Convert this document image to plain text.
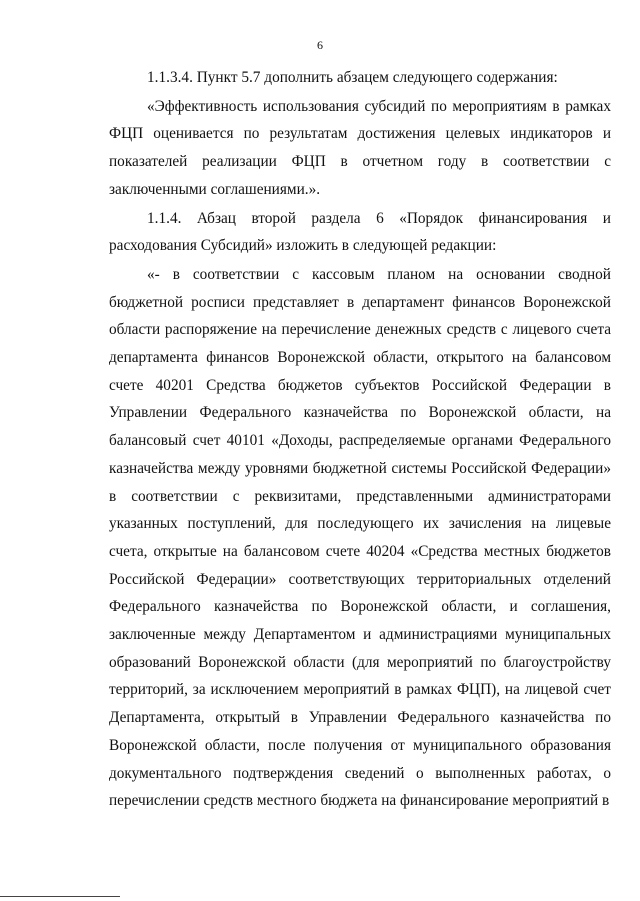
6

1.1.3.4. Пункт 5.7 дополнить абзацем следующего содержания:

«Эффективность использования субсидий по мероприятиям в рамках ФЦП оценивается по результатам достижения целевых индикаторов и показателей реализации ФЦП в отчетном году в соответствии с заключенными соглашениями.».

1.1.4. Абзац второй раздела 6 «Порядок финансирования и расходования Субсидий» изложить в следующей редакции:

«- в соответствии с кассовым планом на основании сводной бюджетной росписи представляет в департамент финансов Воронежской области распоряжение на перечисление денежных средств с лицевого счета департамента финансов Воронежской области, открытого на балансовом счете 40201 Средства бюджетов субъектов Российской Федерации в Управлении Федерального казначейства по Воронежской области, на балансовый счет 40101 «Доходы, распределяемые органами Федерального казначейства между уровнями бюджетной системы Российской Федерации» в соответствии с реквизитами, представленными администраторами указанных поступлений, для последующего их зачисления на лицевые счета, открытые на балансовом счете 40204 «Средства местных бюджетов Российской Федерации» соответствующих территориальных отделений Федерального казначейства по Воронежской области, и соглашения, заключенные между Департаментом и администрациями муниципальных образований Воронежской области (для мероприятий по благоустройству территорий, за исключением мероприятий в рамках ФЦП), на лицевой счет Департамента, открытый в Управлении Федерального казначейства по Воронежской области, после получения от муниципального образования документального подтверждения сведений о выполненных работах, о перечислении средств местного бюджета на финансирование мероприятий в
